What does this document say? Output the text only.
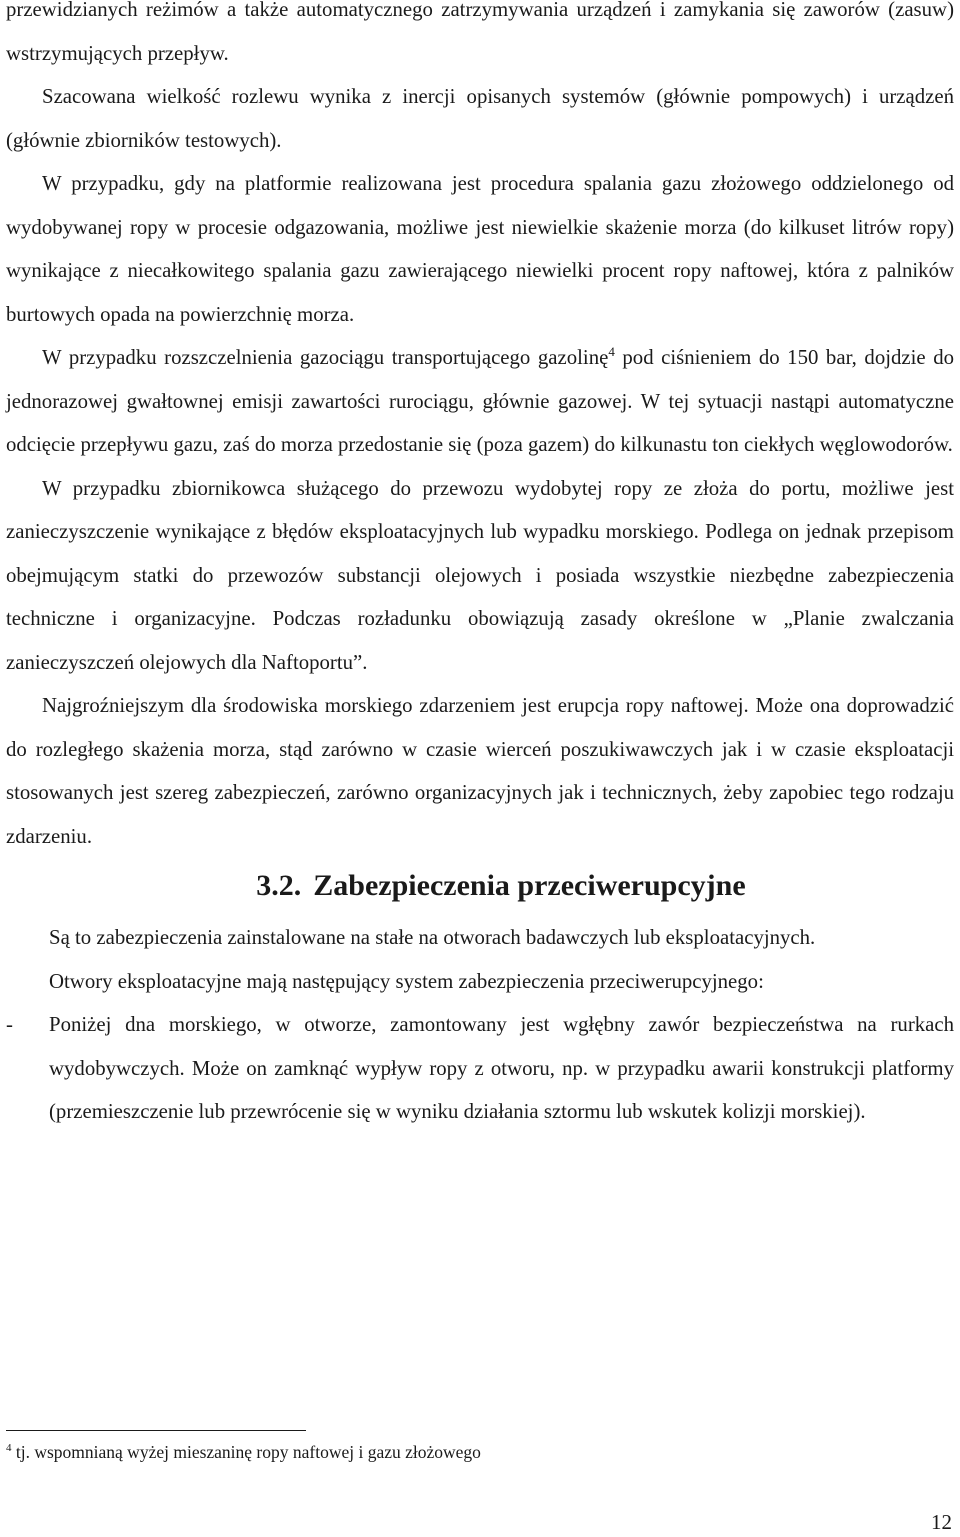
przewidzianych reżimów a także automatycznego zatrzymywania urządzeń i zamykania się zaworów (zasuw) wstrzymujących przepływ.

Szacowana wielkość rozlewu wynika z inercji opisanych systemów (głównie pompowych) i urządzeń (głównie zbiorników testowych).

W przypadku, gdy na platformie realizowana jest procedura spalania gazu złożowego oddzielonego od wydobywanej ropy w procesie odgazowania, możliwe jest niewielkie skażenie morza (do kilkuset litrów ropy) wynikające z niecałkowitego spalania gazu zawierającego niewielki procent ropy naftowej, która z palników burtowych opada na powierzchnię morza.

W przypadku rozszczelnienia gazociągu transportującego gazolinę$^4$ pod ciśnieniem do 150 bar, dojdzie do jednorazowej gwałtownej emisji zawartości rurociągu, głównie gazowej. W tej sytuacji nastąpi automatyczne odcięcie przepływu gazu, zaś do morza przedostanie się (poza gazem) do kilkunastu ton ciekłych węglowodorów.

W przypadku zbiornikowca służącego do przewozu wydobytej ropy ze złoża do portu, możliwe jest zanieczyszczenie wynikające z błędów eksploatacyjnych lub wypadku morskiego. Podlega on jednak przepisom obejmującym statki do przewozów substancji olejowych i posiada wszystkie niezbędne zabezpieczenia techniczne i organizacyjne. Podczas rozładunku obowiązują zasady określone w „Planie zwalczania zanieczyszczeń olejowych dla Naftoportu”.

Najgroźniejszym dla środowiska morskiego zdarzeniem jest erupcja ropy naftowej. Może ona doprowadzić do rozległego skażenia morza, stąd zarówno w czasie wierceń poszukiwawczych jak i w czasie eksploatacji stosowanych jest szereg zabezpieczeń, zarówno organizacyjnych jak i technicznych, żeby zapobiec tego rodzaju zdarzeniu.

3.2. Zabezpieczenia przeciwerupcyjne

Są to zabezpieczenia zainstalowane na stałe na otworach badawczych lub eksploatacyjnych.

Otwory eksploatacyjne mają następujący system zabezpieczenia przeciwerupcyjnego:

- Poniżej dna morskiego, w otworze, zamontowany jest wgłębny zawór bezpieczeństwa na rurkach wydobywczych. Może on zamknąć wypływ ropy z otworu, np. w przypadku awarii konstrukcji platformy (przemieszczenie lub przewrócenie się w wyniku działania sztormu lub wskutek kolizji morskiej).

$^4$ tj. wspomnianą wyżej mieszaninę ropy naftowej i gazu złożowego

12
